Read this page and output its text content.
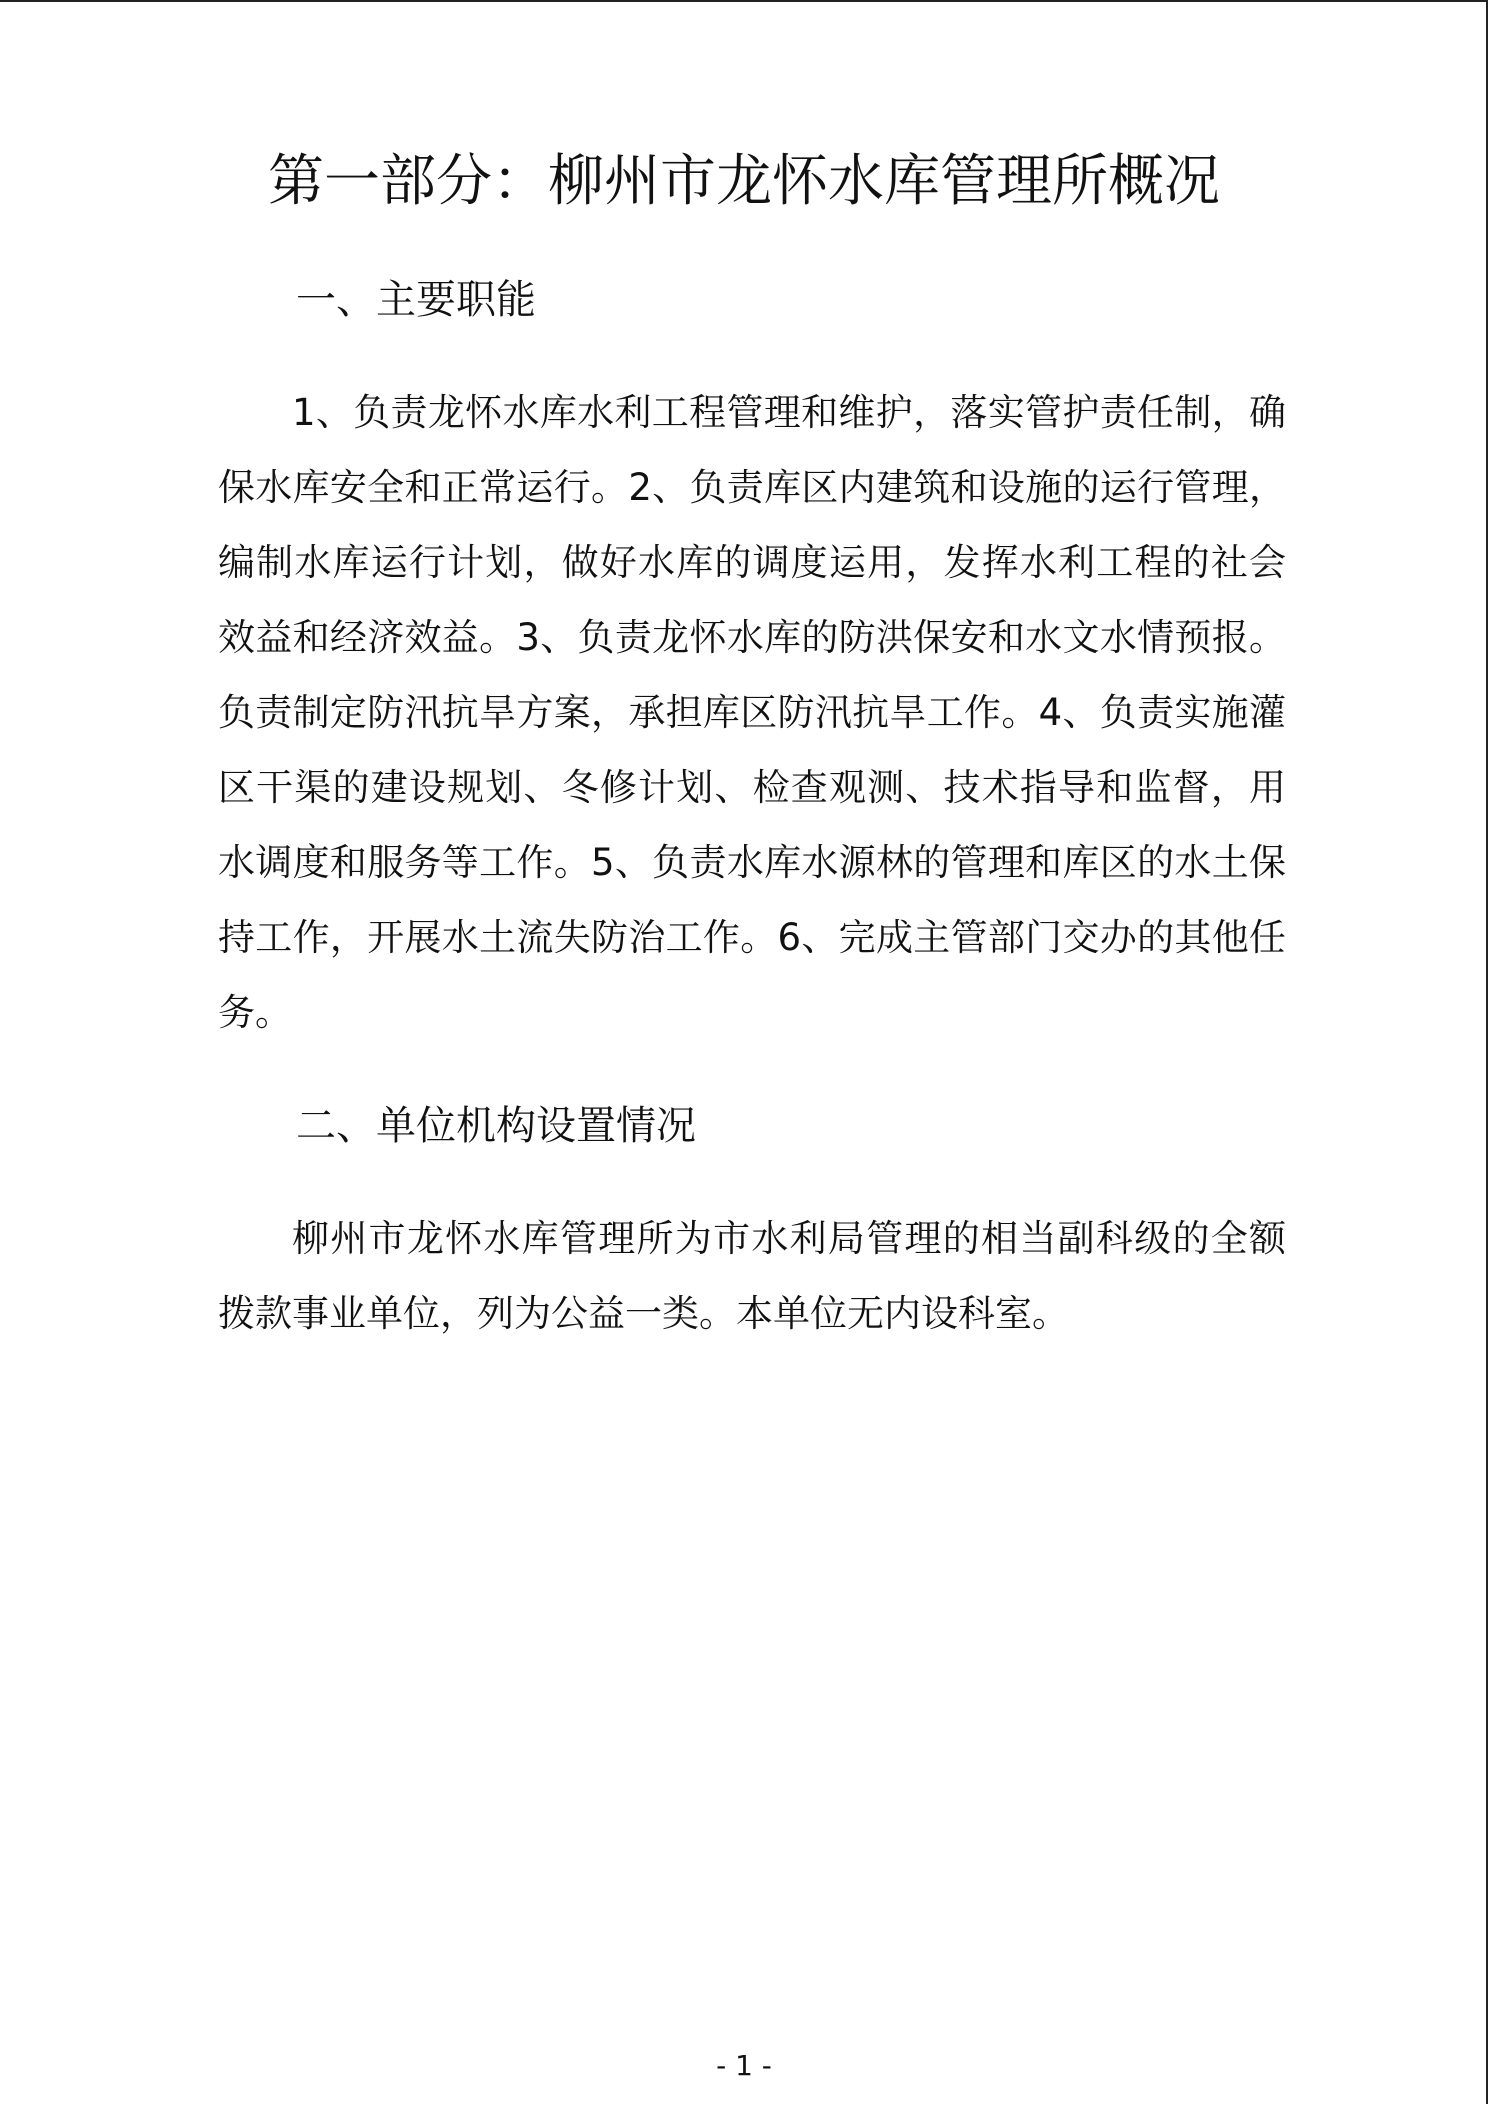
第一部分：柳州市龙怀水库管理所概况
一、主要职能

1、负责龙怀水库水利工程管理和维护，落实管护责任制，确保水库安全和正常运行。2、负责库区内建筑和设施的运行管理，编制水库运行计划，做好水库的调度运用，发挥水利工程的社会效益和经济效益。3、负责龙怀水库的防洪保安和水文水情预报。负责制定防汛抗旱方案，承担库区防汛抗旱工作。4、负责实施灌区干渠的建设规划、冬修计划、检查观测、技术指导和监督，用水调度和服务等工作。5、负责水库水源林的管理和库区的水土保持工作，开展水土流失防治工作。6、完成主管部门交办的其他任务。

二、单位机构设置情况

柳州市龙怀水库管理所为市水利局管理的相当副科级的全额拨款事业单位，列为公益一类。本单位无内设科室。

- 1 -
